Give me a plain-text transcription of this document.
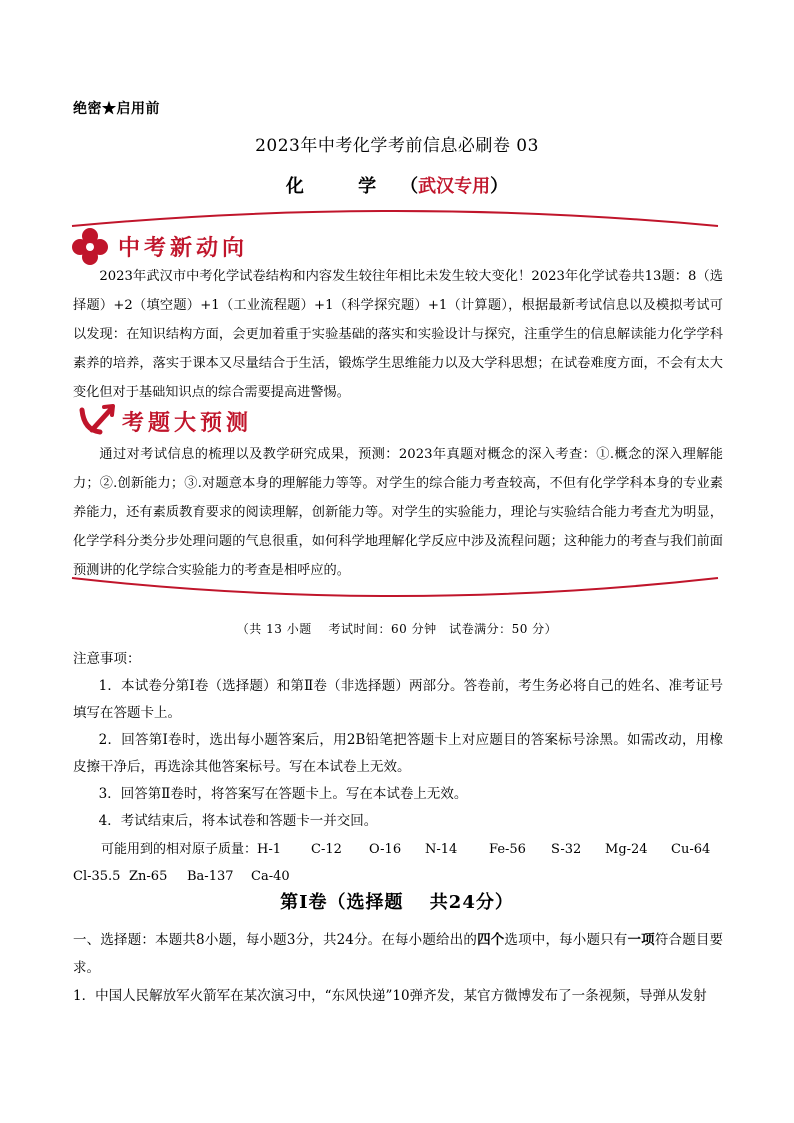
绝密★启用前
2023年中考化学考前信息必刷卷 03
化 学（武汉专用）
中考新动向

2023年武汉市中考化学试卷结构和内容发生较往年相比未发生较大变化！2023年化学试卷共13题：8（选择题）+2（填空题）+1（工业流程题）+1（科学探究题）+1（计算题），根据最新考试信息以及模拟考试可以发现：在知识结构方面，会更加着重于实验基础的落实和实验设计与探究，注重学生的信息解读能力化学学科素养的培养，落实于课本又尽量结合于生活，锻炼学生思维能力以及大学科思想；在试卷难度方面，不会有太大变化但对于基础知识点的综合需要提高进警惕。

考题大预测

通过对考试信息的梳理以及教学研究成果，预测：2023年真题对概念的深入考查：①.概念的深入理解能力；②.创新能力；③.对题意本身的理解能力等等。对学生的综合能力考查较高，不但有化学学科本身的专业素养能力，还有素质教育要求的阅读理解，创新能力等。对学生的实验能力，理论与实验结合能力考查尤为明显，化学学科分类分步处理问题的气息很重，如何科学地理解化学反应中涉及流程问题；这种能力的考查与我们前面预测讲的化学综合实验能力的考查是相呼应的。

（共 13 小题　 考试时间：60 分钟　试卷满分：50 分）

注意事项：

1．本试卷分第Ⅰ卷（选择题）和第Ⅱ卷（非选择题）两部分。答卷前，考生务必将自己的姓名、准考证号填写在答题卡上。

2．回答第Ⅰ卷时，选出每小题答案后，用2B铅笔把答题卡上对应题目的答案标号涂黑。如需改动，用橡皮擦干净后，再选涂其他答案标号。写在本试卷上无效。

3．回答第Ⅱ卷时，将答案写在答题卡上。写在本试卷上无效。

4．考试结束后，将本试卷和答题卡一并交回。

可能用到的相对原子质量： H-1	C-12	O-16	N-14	Fe-56	S-32	Mg-24	Cu-64
Cl-35.5 Zn-65	Ba-137	Ca-40
第Ⅰ卷（选择题　 共24分）
一、选择题：本题共8小题，每小题3分，共24分。在每小题给出的四个选项中，每小题只有一项符合题目要求。
1．中国人民解放军火箭军在某次演习中，“东风快递”10弹齐发，某官方微博发布了一条视频，导弹从发射
